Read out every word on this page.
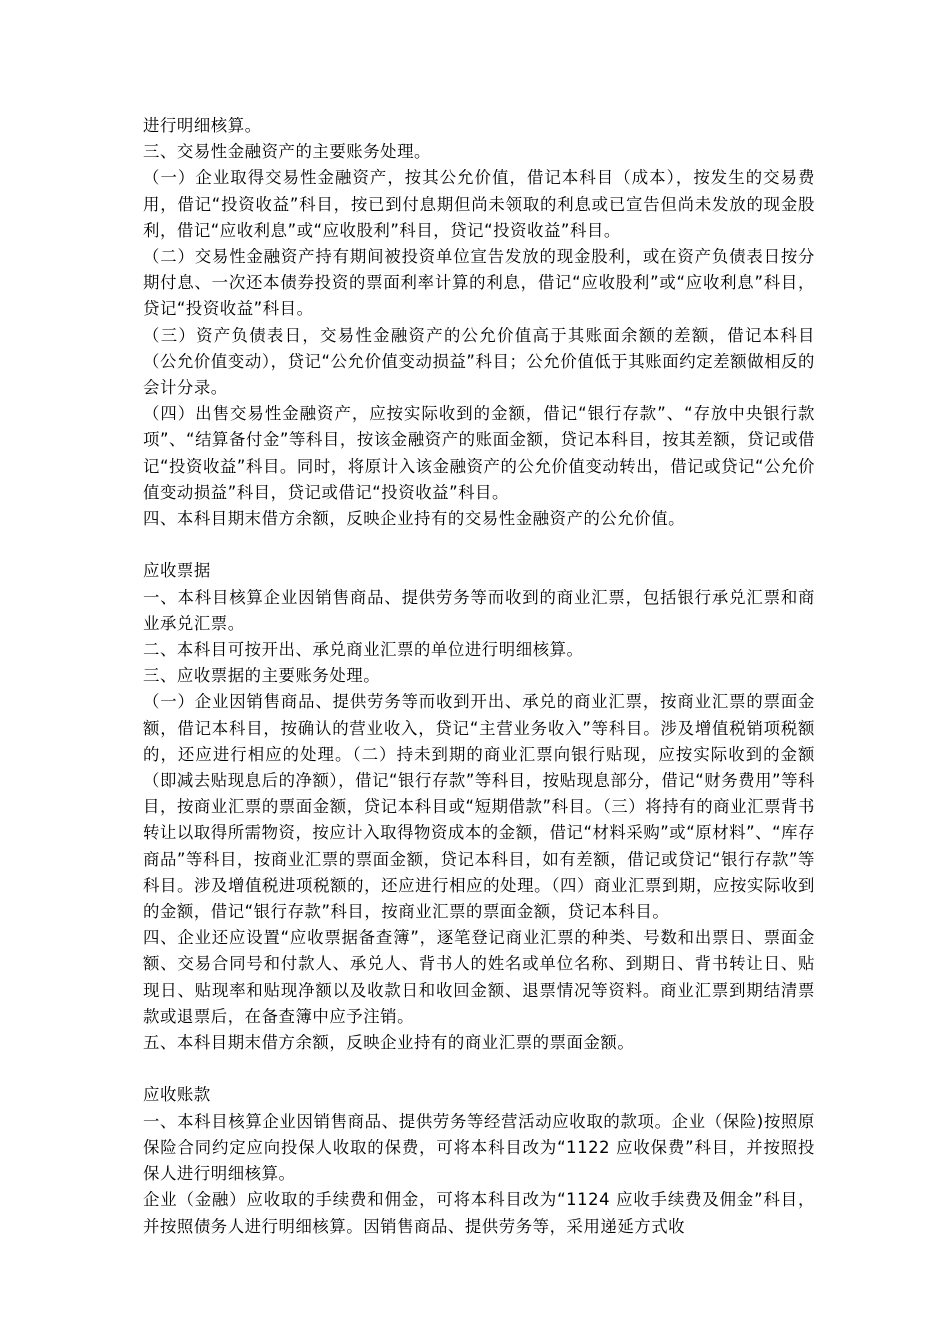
进行明细核算。

三、交易性金融资产的主要账务处理。

（一）企业取得交易性金融资产，按其公允价值，借记本科目（成本），按发生的交易费用，借记“投资收益”科目，按已到付息期但尚未领取的利息或已宣告但尚未发放的现金股利，借记“应收利息”或“应收股利”科目，贷记“投资收益”科目。

（二）交易性金融资产持有期间被投资单位宣告发放的现金股利，或在资产负债表日按分期付息、一次还本债券投资的票面利率计算的利息，借记“应收股利”或“应收利息”科目，贷记“投资收益”科目。

（三）资产负债表日，交易性金融资产的公允价值高于其账面余额的差额，借记本科目（公允价值变动），贷记“公允价值变动损益”科目；公允价值低于其账面约定差额做相反的会计分录。

（四）出售交易性金融资产，应按实际收到的金额，借记“银行存款”、“存放中央银行款项”、“结算备付金”等科目，按该金融资产的账面金额，贷记本科目，按其差额，贷记或借记“投资收益”科目。同时，将原计入该金融资产的公允价值变动转出，借记或贷记“公允价值变动损益”科目，贷记或借记“投资收益”科目。

四、本科目期末借方余额，反映企业持有的交易性金融资产的公允价值。

应收票据

一、本科目核算企业因销售商品、提供劳务等而收到的商业汇票，包括银行承兑汇票和商业承兑汇票。

二、本科目可按开出、承兑商业汇票的单位进行明细核算。

三、应收票据的主要账务处理。

（一）企业因销售商品、提供劳务等而收到开出、承兑的商业汇票，按商业汇票的票面金额，借记本科目，按确认的营业收入，贷记“主营业务收入”等科目。涉及增值税销项税额的，还应进行相应的处理。（二）持未到期的商业汇票向银行贴现，应按实际收到的金额（即减去贴现息后的净额），借记“银行存款”等科目，按贴现息部分，借记“财务费用”等科目，按商业汇票的票面金额，贷记本科目或“短期借款”科目。（三）将持有的商业汇票背书转让以取得所需物资，按应计入取得物资成本的金额，借记“材料采购”或“原材料”、“库存商品”等科目，按商业汇票的票面金额，贷记本科目，如有差额，借记或贷记“银行存款”等科目。涉及增值税进项税额的，还应进行相应的处理。（四）商业汇票到期，应按实际收到的金额，借记“银行存款”科目，按商业汇票的票面金额，贷记本科目。

四、企业还应设置“应收票据备查簿”，逐笔登记商业汇票的种类、号数和出票日、票面金额、交易合同号和付款人、承兑人、背书人的姓名或单位名称、到期日、背书转让日、贴现日、贴现率和贴现净额以及收款日和收回金额、退票情况等资料。商业汇票到期结清票款或退票后，在备查簿中应予注销。

五、本科目期末借方余额，反映企业持有的商业汇票的票面金额。

应收账款

一、本科目核算企业因销售商品、提供劳务等经营活动应收取的款项。企业（保险)按照原保险合同约定应向投保人收取的保费，可将本科目改为“1122 应收保费”科目，并按照投保人进行明细核算。

企业（金融）应收取的手续费和佣金，可将本科目改为“1124 应收手续费及佣金”科目，并按照债务人进行明细核算。因销售商品、提供劳务等，采用递延方式收
